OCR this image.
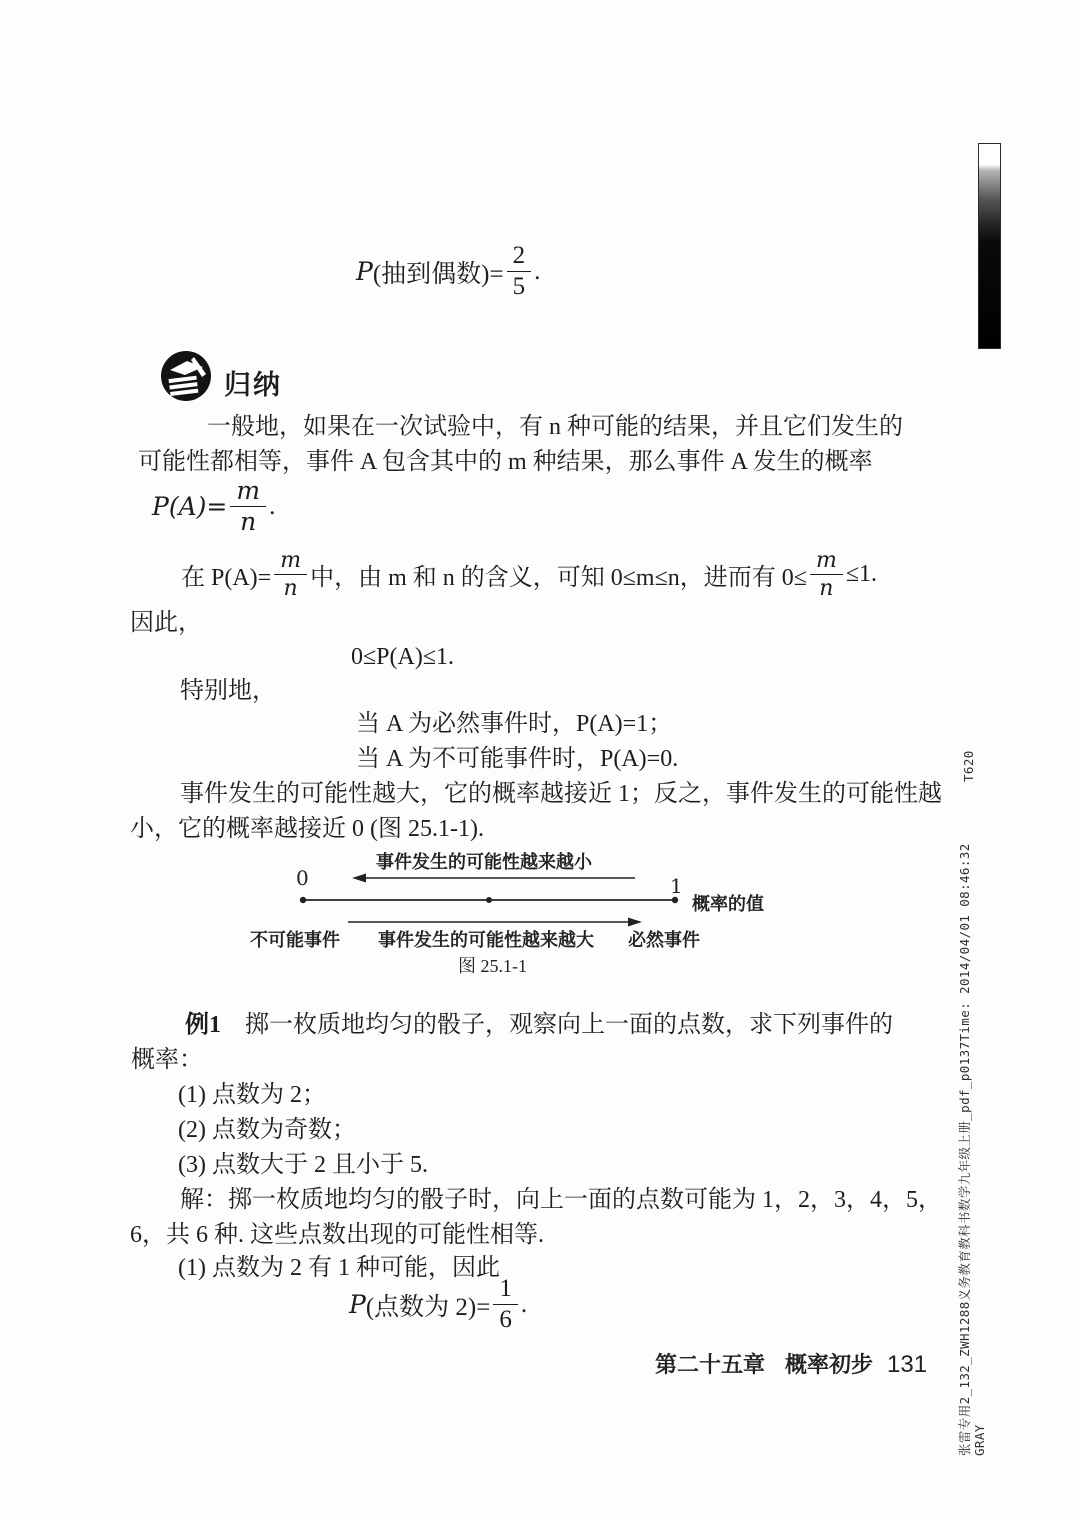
P (抽到偶数)= $\frac{2}{5}$ .
归纳
一般地，如果在一次试验中，有 n 种可能的结果，并且它们发生的
可能性都相等，事件 A 包含其中的 m 种结果，那么事件 A 发生的概率
$P(A)= \frac{m}{n}$ .
在 $P(A)= \frac{m}{n}$ 中，由 m 和 n 的含义，可知 0≤m≤n，进而有 $0\le \frac{m}{n} \le 1$.
因此，
0≤P(A)≤1.
特别地，
当 A 为必然事件时，P(A)=1；
当 A 为不可能事件时，P(A)=0.
事件发生的可能性越大，它的概率越接近 1；反之，事件发生的可能性越
小，它的概率越接近 0 (图 25.1-1).
事件发生的可能性越来越小
0	1
概率的值
不可能事件 事件发生的可能性越来越大 必然事件
图 25.1-1
例1 掷一枚质地均匀的骰子，观察向上一面的点数，求下列事件的
概率：
(1) 点数为 2；
(2) 点数为奇数；
(3) 点数大于 2 且小于 5.
解：掷一枚质地均匀的骰子时，向上一面的点数可能为 1，2，3，4，5，
6，共 6 种. 这些点数出现的可能性相等.
(1) 点数为 2 有 1 种可能，因此
P (点数为 $2)= \frac{1}{6}$ .
第二十五章 概率初步 131
T620
张雷专用2_132_ZWH1288义务教育教科书数学九年级上册_pdf_p0137Time: 2014/04/01 08:46:32 GRAY
